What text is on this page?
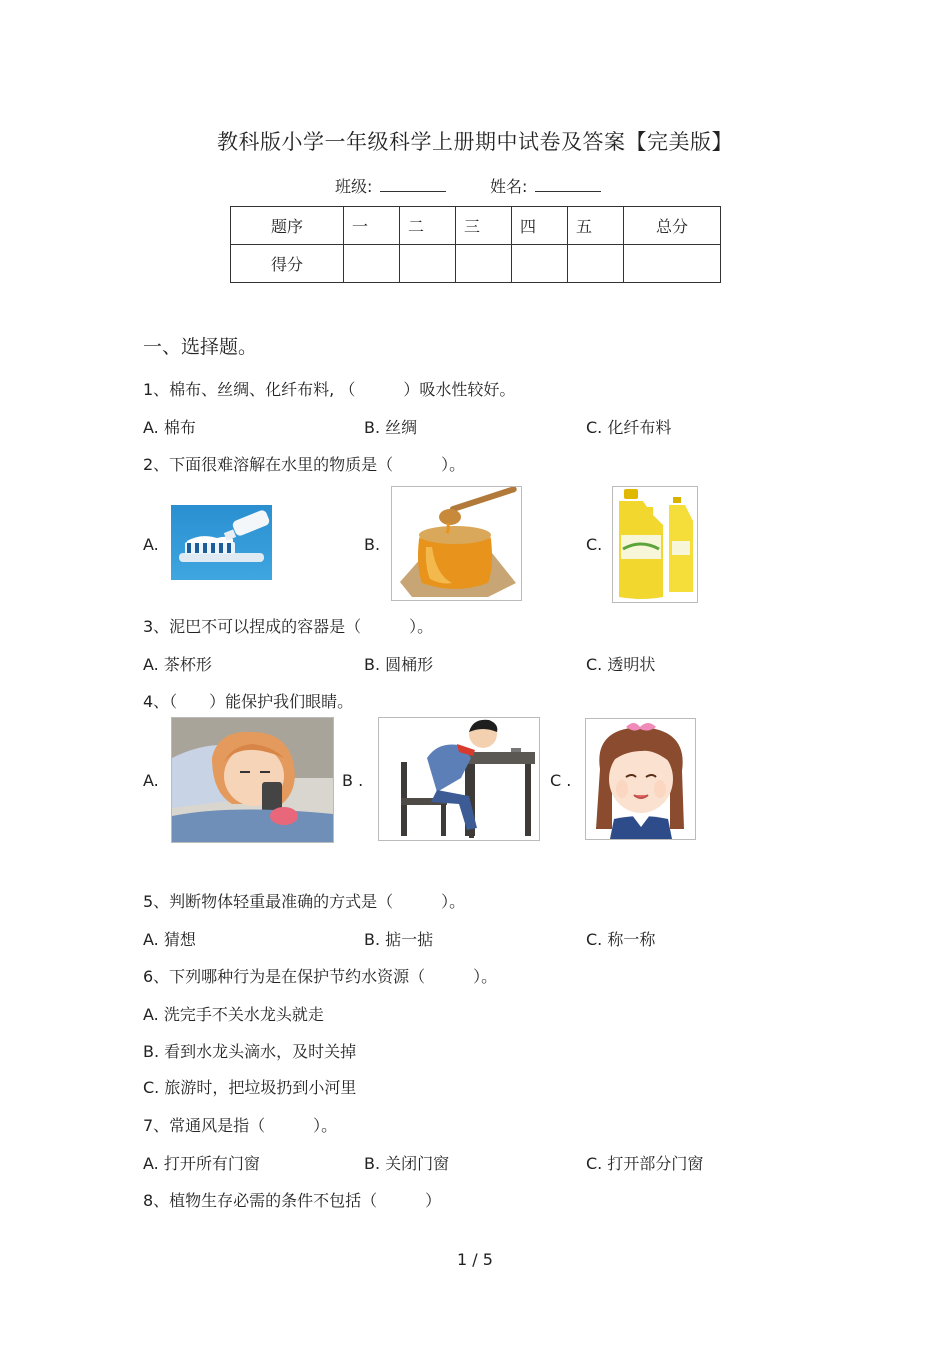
教科版小学一年级科学上册期中试卷及答案【完美版】
班级:	姓名:
题序	一	二	三	四	五	总分
得分						
一、选择题。
1、棉布、丝绸、化纤布料, （　　　）吸水性较好。
A. 棉布	B. 丝绸	C. 化纤布料
2、下面很难溶解在水里的物质是（　　　）。
A.	B.	C.
3、泥巴不可以捏成的容器是（　　　）。
A. 茶杯形	B. 圆桶形	C. 透明状
4、（　　）能保护我们眼睛。
A.	B .	C .
5、判断物体轻重最准确的方式是（　　　）。
A. 猜想	B. 掂一掂	C. 称一称
6、下列哪种行为是在保护节约水资源（　　　）。
A. 洗完手不关水龙头就走
B. 看到水龙头滴水，及时关掉
C. 旅游时，把垃圾扔到小河里
7、常通风是指（　　　）。
A. 打开所有门窗	B. 关闭门窗	C. 打开部分门窗
8、植物生存必需的条件不包括（　　　）
1 / 5
